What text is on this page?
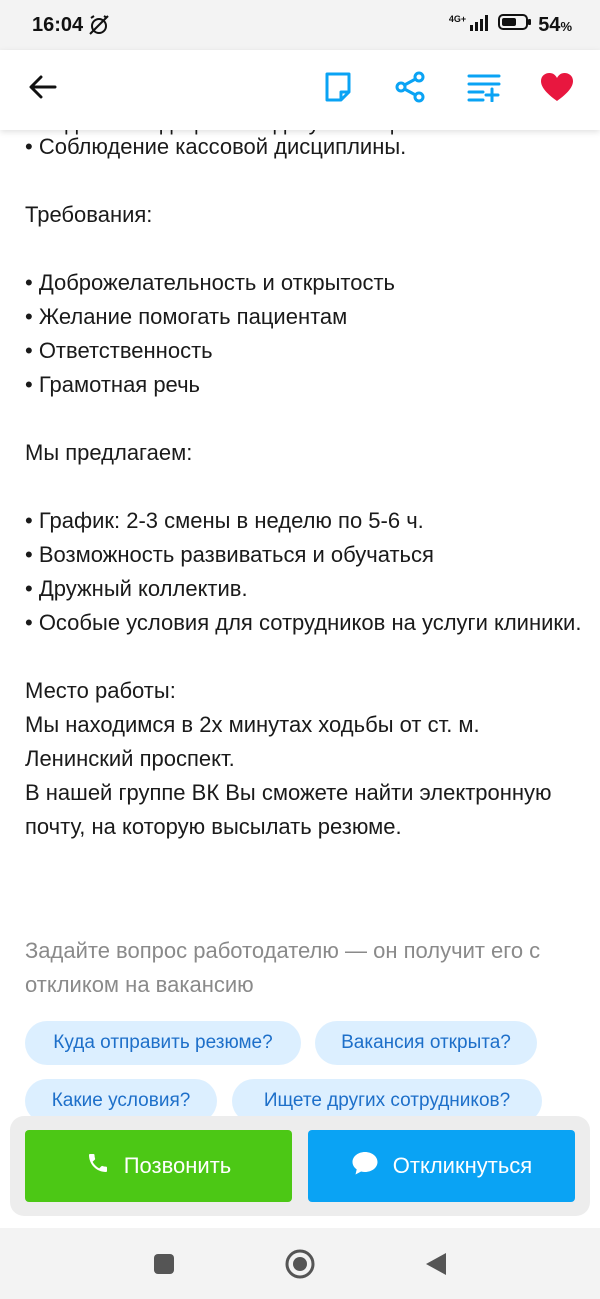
16:04	4G+	54%

• Соблюдение кассовой дисциплины.

Требования:

• Доброжелательность и открытость

• Желание помогать пациентам

• Ответственность

• Грамотная речь

Мы предлагаем:

• График: 2-3 смены в неделю по 5-6 ч.

• Возможность развиваться и обучаться

• Дружный коллектив.

• Особые условия для сотрудников на услуги клиники.

Место работы:

Мы находимся в 2х минутах ходьбы от ст. м. Ленинский проспект.

В нашей группе ВК Вы сможете найти электронную почту, на которую высылать резюме.

Задайте вопрос работодателю — он получит его с откликом на вакансию
Куда отправить резюме?	Вакансия открыта?
Какие условия?	Ищете других сотрудников?
Позвонить	Откликнуться
